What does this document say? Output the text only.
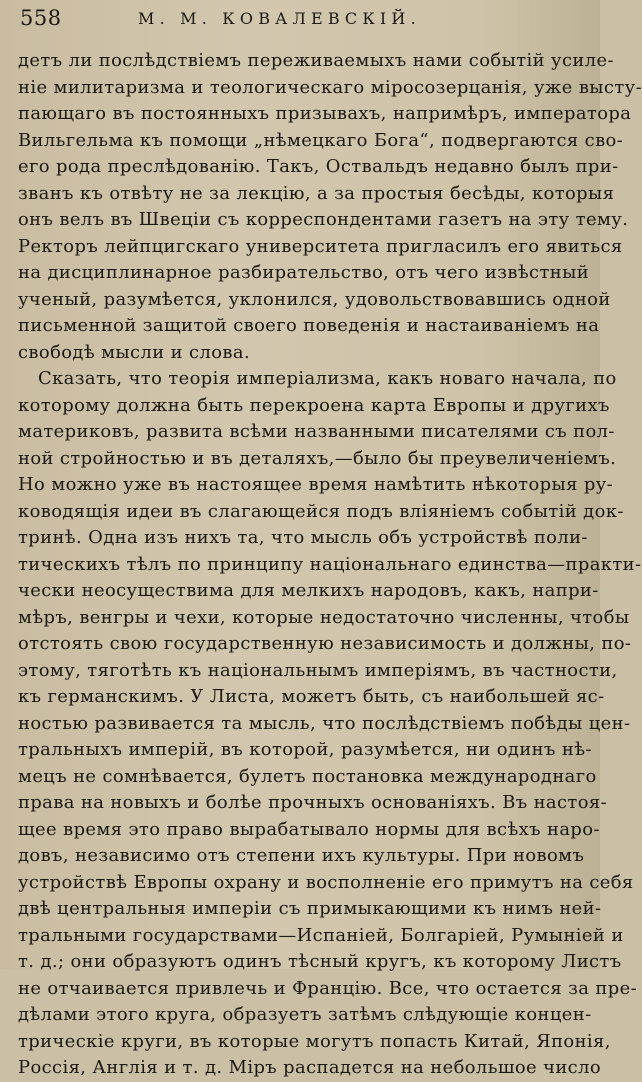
558	М. М. КОВАЛЕВСКІЙ.
детъ ли послѣдствіемъ переживаемыхъ нами событій усиле-
ніе милитаризма и теологическаго міросозерцанія, уже высту-
пающаго въ постоянныхъ призывахъ, напримѣръ, императора
Вильгельма къ помощи „нѣмецкаго Бога“, подвергаются сво-
его рода преслѣдованію. Такъ, Оствальдъ недавно былъ при-
званъ къ отвѣту не за лекцію, а за простыя бесѣды, которыя
онъ велъ въ Швеціи съ корреспондентами газетъ на эту тему.
Ректоръ лейпцигскаго университета пригласилъ его явиться
на дисциплинарное разбирательство, отъ чего извѣстный
ученый, разумѣется, уклонился, удовольствовавшись одной
письменной защитой своего поведенія и настаиваніемъ на
свободѣ мысли и слова.
Сказать, что теорія имперіализма, какъ новаго начала, по
которому должна быть перекроена карта Европы и другихъ
материковъ, развита всѣми названными писателями съ пол-
ной стройностью и въ деталяхъ,—было бы преувеличеніемъ.
Но можно уже въ настоящее время намѣтить нѣкоторыя ру-
ководящія идеи въ слагающейся подъ вліяніемъ событій док-
тринѣ. Одна изъ нихъ та, что мысль объ устройствѣ поли-
тическихъ тѣлъ по принципу національнаго единства—практи-
чески неосуществима для мелкихъ народовъ, какъ, напри-
мѣръ, венгры и чехи, которые недостаточно численны, чтобы
отстоять свою государственную независимость и должны, по-
этому, тяготѣть къ національнымъ имперіямъ, въ частности,
къ германскимъ. У Листа, можетъ быть, съ наибольшей яс-
ностью развивается та мысль, что послѣдствіемъ побѣды цен-
тральныхъ имперій, въ которой, разумѣется, ни одинъ нѣ-
мецъ не сомнѣвается, булетъ постановка международнаго
права на новыхъ и болѣе прочныхъ основаніяхъ. Въ настоя-
щее время это право вырабатывало нормы для всѣхъ наро-
довъ, независимо отъ степени ихъ культуры. При новомъ
устройствѣ Европы охрану и восполненіе его примутъ на себя
двѣ центральныя имперіи съ примыкающими къ нимъ ней-
тральными государствами—Испаніей, Болгаріей, Румыніей и
т. д.; они образуютъ одинъ тѣсный кругъ, къ которому Листъ
не отчаивается привлечь и Францію. Все, что остается за пре-
дѣлами этого круга, образуетъ затѣмъ слѣдующіе концен-
трическіе круги, въ которые могутъ попасть Китай, Японія,
Россія, Англія и т. д. Міръ распадется на небольшое число
